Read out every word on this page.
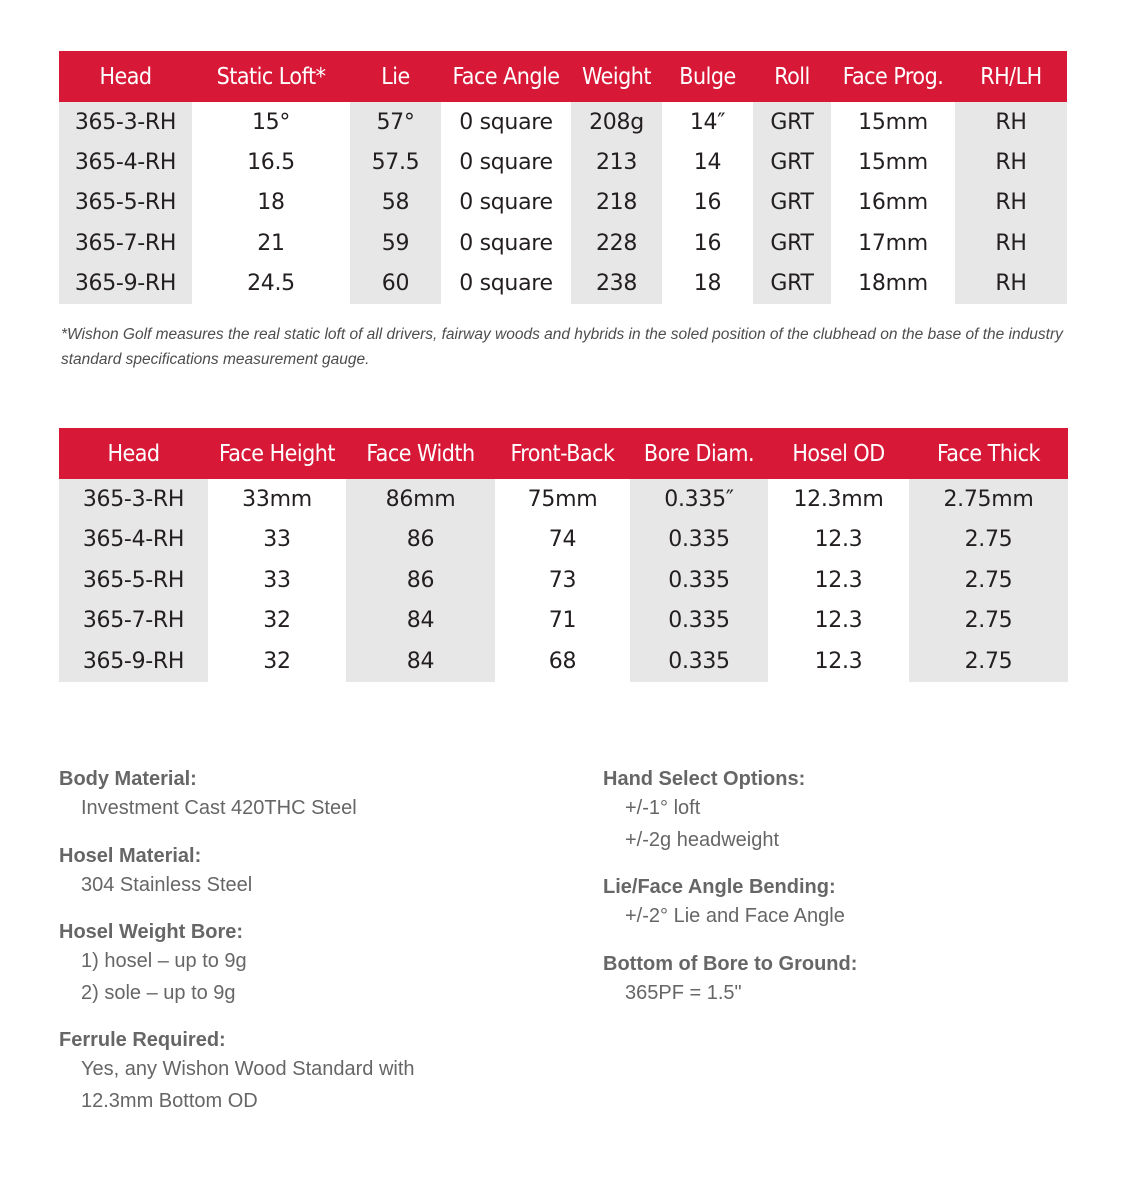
Head	Static Loft*	Lie	Face Angle	Weight	Bulge	Roll	Face Prog.	RH/LH
365-3-RH	15°	57°	0 square	208g	14″	GRT	15mm	RH
365-4-RH	16.5	57.5	0 square	213	14	GRT	15mm	RH
365-5-RH	18	58	0 square	218	16	GRT	16mm	RH
365-7-RH	21	59	0 square	228	16	GRT	17mm	RH
365-9-RH	24.5	60	0 square	238	18	GRT	18mm	RH
*Wishon Golf measures the real static loft of all drivers, fairway woods and hybrids in the soled position of the clubhead on the base of the industry standard specifications measurement gauge.
Head	Face Height	Face Width	Front-Back	Bore Diam.	Hosel OD	Face Thick
365-3-RH	33mm	86mm	75mm	0.335″	12.3mm	2.75mm
365-4-RH	33	86	74	0.335	12.3	2.75
365-5-RH	33	86	73	0.335	12.3	2.75
365-7-RH	32	84	71	0.335	12.3	2.75
365-9-RH	32	84	68	0.335	12.3	2.75
Body Material:
Investment Cast 420THC Steel
Hosel Material:
304 Stainless Steel
Hosel Weight Bore:
1) hosel – up to 9g
2) sole – up to 9g
Ferrule Required:
Yes, any Wishon Wood Standard with
12.3mm Bottom OD
Hand Select Options:
+/-1° loft
+/-2g headweight
Lie/Face Angle Bending:
+/-2° Lie and Face Angle
Bottom of Bore to Ground:
365PF = 1.5"
